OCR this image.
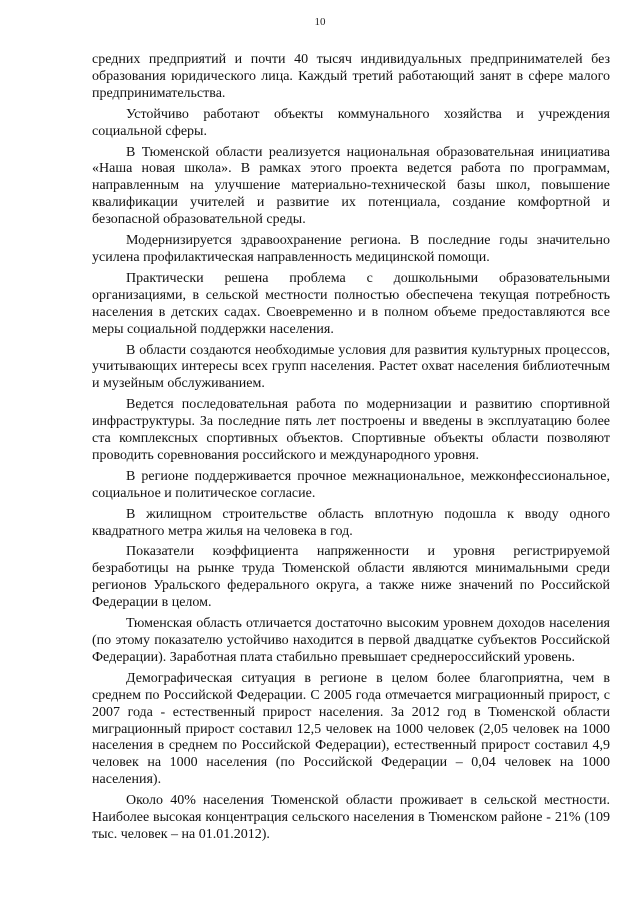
10

средних предприятий и почти 40 тысяч индивидуальных предпринимателей без образования юридического лица. Каждый третий работающий занят в сфере малого предпринимательства.

Устойчиво работают объекты коммунального хозяйства и учреждения социальной сферы.

В Тюменской области реализуется национальная образовательная инициатива «Наша новая школа». В рамках этого проекта ведется работа по программам, направленным на улучшение материально-технической базы школ, повышение квалификации учителей и развитие их потенциала, создание комфортной и безопасной образовательной среды.

Модернизируется здравоохранение региона. В последние годы значительно усилена профилактическая направленность медицинской помощи.

Практически решена проблема с дошкольными образовательными организациями, в сельской местности полностью обеспечена текущая потребность населения в детских садах. Своевременно и в полном объеме предоставляются все меры социальной поддержки населения.

В области создаются необходимые условия для развития культурных процессов, учитывающих интересы всех групп населения. Растет охват населения библиотечным и музейным обслуживанием.

Ведется последовательная работа по модернизации и развитию спортивной инфраструктуры. За последние пять лет построены и введены в эксплуатацию более ста комплексных спортивных объектов. Спортивные объекты области позволяют проводить соревнования российского и международного уровня.

В регионе поддерживается прочное межнациональное, межконфессиональное, социальное и политическое согласие.

В жилищном строительстве область вплотную подошла к вводу одного квадратного метра жилья на человека в год.

Показатели коэффициента напряженности и уровня регистрируемой безработицы на рынке труда Тюменской области являются минимальными среди регионов Уральского федерального округа, а также ниже значений по Российской Федерации в целом.

Тюменская область отличается достаточно высоким уровнем доходов населения (по этому показателю устойчиво находится в первой двадцатке субъектов Российской Федерации). Заработная плата стабильно превышает среднероссийский уровень.

Демографическая ситуация в регионе в целом более благоприятна, чем в среднем по Российской Федерации. С 2005 года отмечается миграционный прирост, с 2007 года - естественный прирост населения. За 2012 год в Тюменской области миграционный прирост составил 12,5 человек на 1000 человек (2,05 человек на 1000 населения в среднем по Российской Федерации), естественный прирост составил 4,9 человек на 1000 населения (по Российской Федерации – 0,04 человек на 1000 населения).

Около 40% населения Тюменской области проживает в сельской местности. Наиболее высокая концентрация сельского населения в Тюменском районе - 21% (109 тыс. человек – на 01.01.2012).
